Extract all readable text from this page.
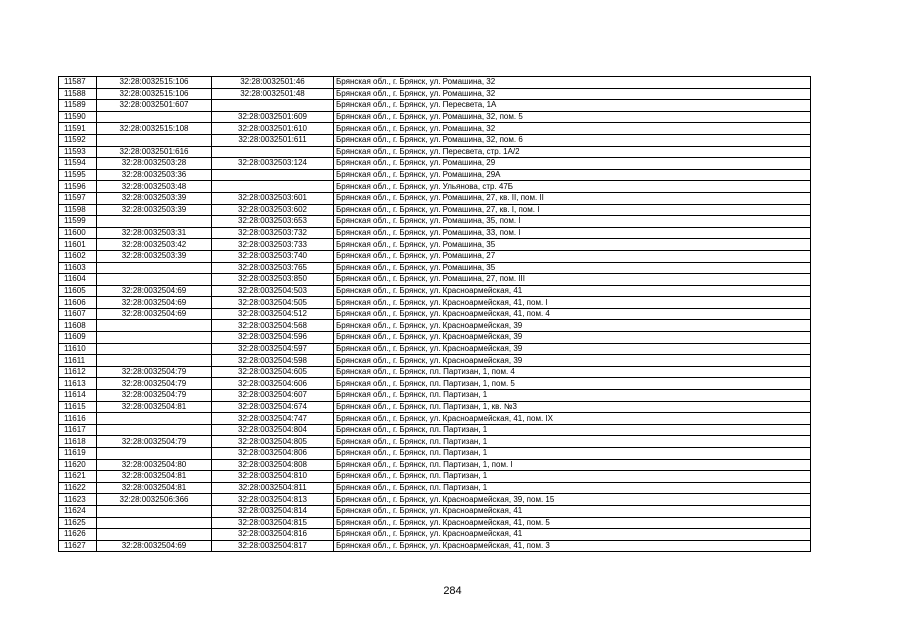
11587	32:28:0032515:106	32:28:0032501:46	Брянская обл., г. Брянск, ул. Ромашина, 32
11588	32:28:0032515:106	32:28:0032501:48	Брянская обл., г. Брянск, ул. Ромашина, 32
11589	32:28:0032501:607		Брянская обл., г. Брянск, ул. Пересвета, 1А
11590		32:28:0032501:609	Брянская обл., г. Брянск, ул. Ромашина, 32, пом. 5
11591	32:28:0032515:108	32:28:0032501:610	Брянская обл., г. Брянск, ул. Ромашина, 32
11592		32:28:0032501:611	Брянская обл., г. Брянск, ул. Ромашина, 32, пом. 6
11593	32:28:0032501:616		Брянская обл., г. Брянск, ул. Пересвета, стр. 1А/2
11594	32:28:0032503:28	32:28:0032503:124	Брянская обл., г. Брянск, ул. Ромашина, 29
11595	32:28:0032503:36		Брянская обл., г. Брянск, ул. Ромашина, 29А
11596	32:28:0032503:48		Брянская обл., г. Брянск, ул. Ульянова, стр. 47Б
11597	32:28:0032503:39	32:28:0032503:601	Брянская обл., г. Брянск, ул. Ромашина, 27, кв. II, пом. II
11598	32:28:0032503:39	32:28:0032503:602	Брянская обл., г. Брянск, ул. Ромашина, 27, кв. I, пом. I
11599		32:28:0032503:653	Брянская обл., г. Брянск, ул. Ромашина, 35, пом. I
11600	32:28:0032503:31	32:28:0032503:732	Брянская обл., г. Брянск, ул. Ромашина, 33, пом. I
11601	32:28:0032503:42	32:28:0032503:733	Брянская обл., г. Брянск, ул. Ромашина, 35
11602	32:28:0032503:39	32:28:0032503:740	Брянская обл., г. Брянск, ул. Ромашина, 27
11603		32:28:0032503:765	Брянская обл., г. Брянск, ул. Ромашина, 35
11604		32:28:0032503:850	Брянская обл., г. Брянск, ул. Ромашина, 27, пом. III
11605	32:28:0032504:69	32:28:0032504:503	Брянская обл., г. Брянск, ул. Красноармейская, 41
11606	32:28:0032504:69	32:28:0032504:505	Брянская обл., г. Брянск, ул. Красноармейская, 41, пом. I
11607	32:28:0032504:69	32:28:0032504:512	Брянская обл., г. Брянск, ул. Красноармейская, 41, пом. 4
11608		32:28:0032504:568	Брянская обл., г. Брянск, ул. Красноармейская, 39
11609		32:28:0032504:596	Брянская обл., г. Брянск, ул. Красноармейская, 39
11610		32:28:0032504:597	Брянская обл., г. Брянск, ул. Красноармейская, 39
11611		32:28:0032504:598	Брянская обл., г. Брянск, ул. Красноармейская, 39
11612	32:28:0032504:79	32:28:0032504:605	Брянская обл., г. Брянск, пл. Партизан, 1, пом. 4
11613	32:28:0032504:79	32:28:0032504:606	Брянская обл., г. Брянск, пл. Партизан, 1, пом. 5
11614	32:28:0032504:79	32:28:0032504:607	Брянская обл., г. Брянск, пл. Партизан, 1
11615	32:28:0032504:81	32:28:0032504:674	Брянская обл., г. Брянск, пл. Партизан, 1, кв. №3
11616		32:28:0032504:747	Брянская обл., г. Брянск, ул. Красноармейская, 41, пом. IX
11617		32:28:0032504:804	Брянская обл., г. Брянск, пл. Партизан, 1
11618	32:28:0032504:79	32:28:0032504:805	Брянская обл., г. Брянск, пл. Партизан, 1
11619		32:28:0032504:806	Брянская обл., г. Брянск, пл. Партизан, 1
11620	32:28:0032504:80	32:28:0032504:808	Брянская обл., г. Брянск, пл. Партизан, 1, пом. I
11621	32:28:0032504:81	32:28:0032504:810	Брянская обл., г. Брянск, пл. Партизан, 1
11622	32:28:0032504:81	32:28:0032504:811	Брянская обл., г. Брянск, пл. Партизан, 1
11623	32:28:0032506:366	32:28:0032504:813	Брянская обл., г. Брянск, ул. Красноармейская, 39, пом. 15
11624		32:28:0032504:814	Брянская обл., г. Брянск, ул. Красноармейская, 41
11625		32:28:0032504:815	Брянская обл., г. Брянск, ул. Красноармейская, 41, пом. 5
11626		32:28:0032504:816	Брянская обл., г. Брянск, ул. Красноармейская, 41
11627	32:28:0032504:69	32:28:0032504:817	Брянская обл., г. Брянск, ул. Красноармейская, 41, пом. 3
284
